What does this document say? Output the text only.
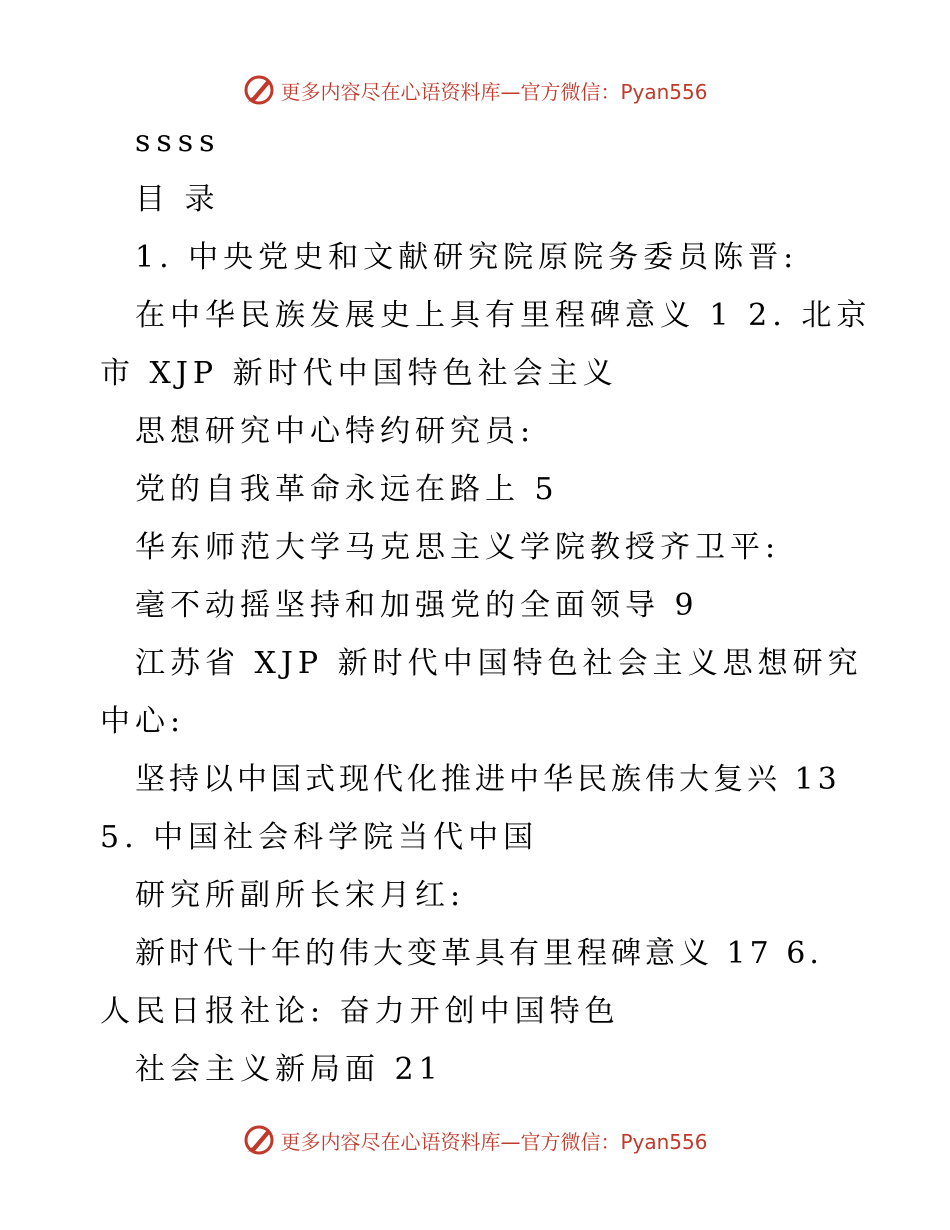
更多内容尽在心语资料库—官方微信：Pyan556
ssss
目 录
1. 中央党史和文献研究院原院务委员陈晋:
在中华民族发展史上具有里程碑意义 1 2. 北京
市 XJP 新时代中国特色社会主义
思想研究中心特约研究员:
党的自我革命永远在路上 5
华东师范大学马克思主义学院教授齐卫平:
毫不动摇坚持和加强党的全面领导 9
江苏省 XJP 新时代中国特色社会主义思想研究
中心:
坚持以中国式现代化推进中华民族伟大复兴 13
5. 中国社会科学院当代中国
研究所副所长宋月红:
新时代十年的伟大变革具有里程碑意义 17 6.
人民日报社论: 奋力开创中国特色
社会主义新局面 21
更多内容尽在心语资料库—官方微信：Pyan556
